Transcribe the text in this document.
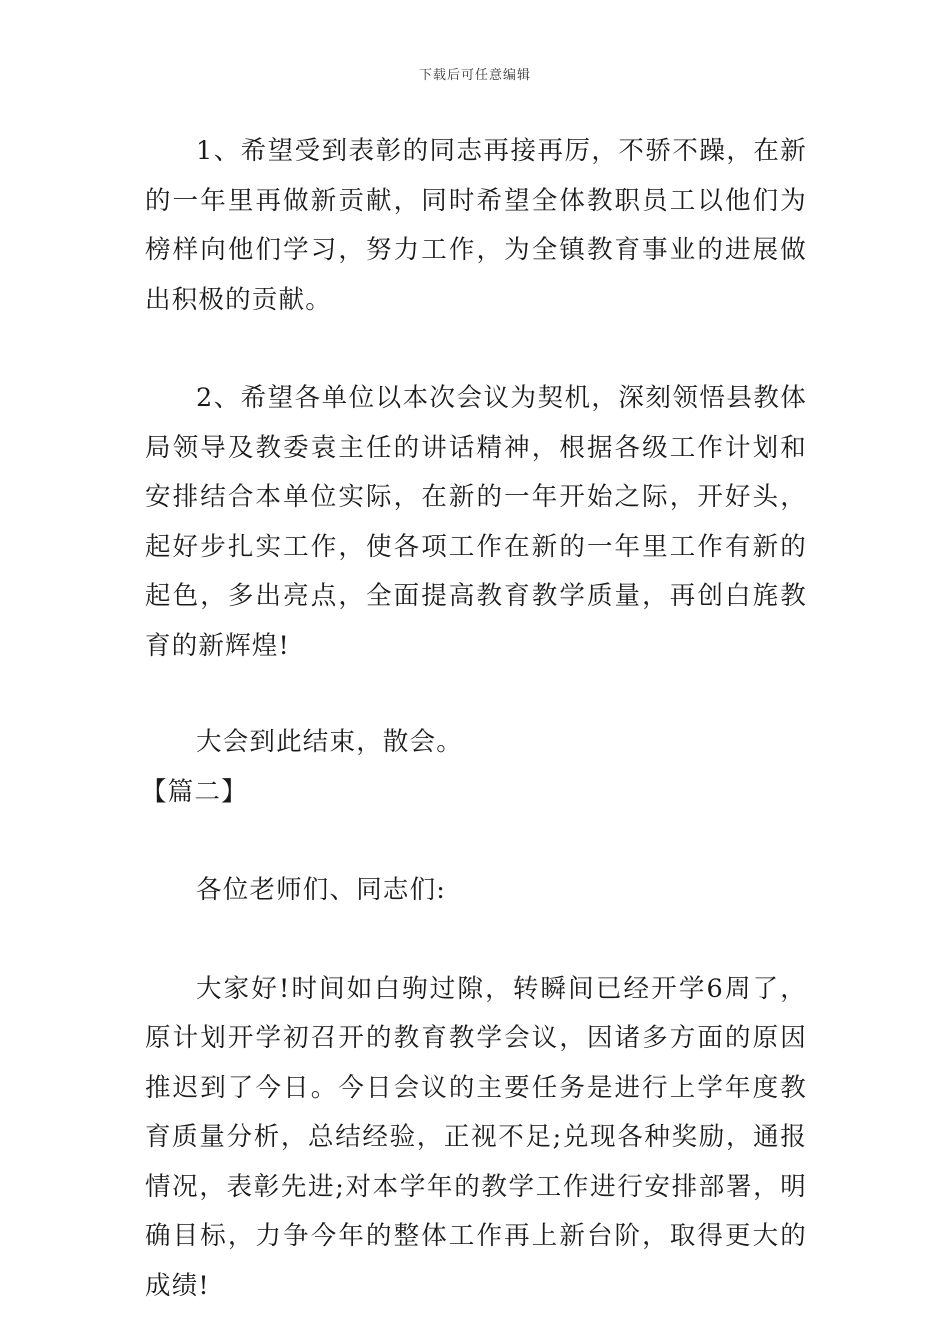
下载后可任意编辑

1、希望受到表彰的同志再接再厉，不骄不躁，在新的一年里再做新贡献，同时希望全体教职员工以他们为榜样向他们学习，努力工作，为全镇教育事业的进展做出积极的贡献。

2、希望各单位以本次会议为契机，深刻领悟县教体局领导及教委袁主任的讲话精神，根据各级工作计划和安排结合本单位实际，在新的一年开始之际，开好头，起好步扎实工作，使各项工作在新的一年里工作有新的起色，多出亮点，全面提高教育教学质量，再创白旄教育的新辉煌!

大会到此结束，散会。

【篇二】

各位老师们、同志们:

大家好!时间如白驹过隙，转瞬间已经开学6周了，原计划开学初召开的教育教学会议，因诸多方面的原因推迟到了今日。今日会议的主要任务是进行上学年度教育质量分析，总结经验，正视不足;兑现各种奖励，通报情况，表彰先进;对本学年的教学工作进行安排部署，明确目标，力争今年的整体工作再上新台阶，取得更大的成绩!
